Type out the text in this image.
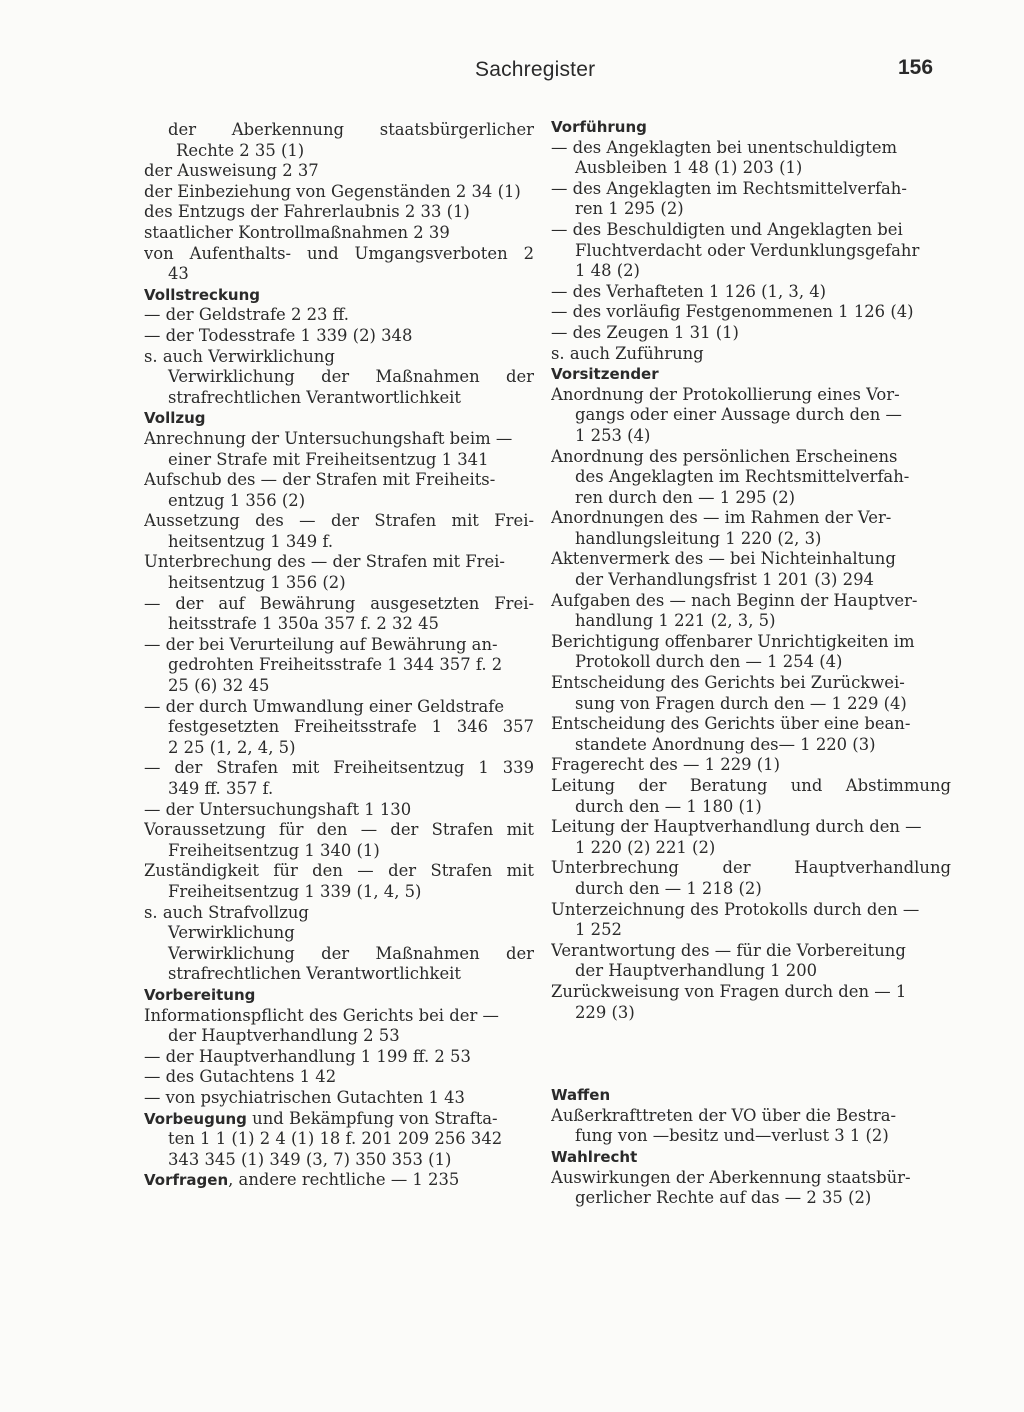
Sachregister	156
der Aberkennung staatsbürgerlicher
Rechte 2 35 (1)
der Ausweisung 2 37
der Einbeziehung von Gegenständen 2 34 (1)
des Entzugs der Fahrerlaubnis 2 33 (1)
staatlicher Kontrollmaßnahmen 2 39
von Aufenthalts- und Umgangsverboten 2
43
Vollstreckung
— der Geldstrafe 2 23 ff.
— der Todesstrafe 1 339 (2) 348
s. auch Verwirklichung
Verwirklichung der Maßnahmen der
strafrechtlichen Verantwortlichkeit
Vollzug
Anrechnung der Untersuchungshaft beim —
einer Strafe mit Freiheitsentzug 1 341
Aufschub des — der Strafen mit Freiheits-
entzug 1 356 (2)
Aussetzung des — der Strafen mit Frei-
heitsentzug 1 349 f.
Unterbrechung des — der Strafen mit Frei-
heitsentzug 1 356 (2)
— der auf Bewährung ausgesetzten Frei-
heitsstrafe 1 350a 357 f. 2 32 45
— der bei Verurteilung auf Bewährung an-
gedrohten Freiheitsstrafe 1 344 357 f. 2
25 (6) 32 45
— der durch Umwandlung einer Geldstrafe
festgesetzten Freiheitsstrafe 1 346 357
2 25 (1, 2, 4, 5)
— der Strafen mit Freiheitsentzug 1 339
349 ff. 357 f.
— der Untersuchungshaft 1 130
Voraussetzung für den — der Strafen mit
Freiheitsentzug 1 340 (1)
Zuständigkeit für den — der Strafen mit
Freiheitsentzug 1 339 (1, 4, 5)
s. auch Strafvollzug
Verwirklichung
Verwirklichung der Maßnahmen der
strafrechtlichen Verantwortlichkeit
Vorbereitung
Informationspflicht des Gerichts bei der —
der Hauptverhandlung 2 53
— der Hauptverhandlung 1 199 ff. 2 53
— des Gutachtens 1 42
— von psychiatrischen Gutachten 1 43
Vorbeugung und Bekämpfung von Strafta-
ten 1 1 (1) 2 4 (1) 18 f. 201 209 256 342
343 345 (1) 349 (3, 7) 350 353 (1)
Vorfragen, andere rechtliche — 1 235
Vorführung
— des Angeklagten bei unentschuldigtem
Ausbleiben 1 48 (1) 203 (1)
— des Angeklagten im Rechtsmittelverfah-
ren 1 295 (2)
— des Beschuldigten und Angeklagten bei
Fluchtverdacht oder Verdunklungsgefahr
1 48 (2)
— des Verhafteten 1 126 (1, 3, 4)
— des vorläufig Festgenommenen 1 126 (4)
— des Zeugen 1 31 (1)
s. auch Zuführung
Vorsitzender
Anordnung der Protokollierung eines Vor-
gangs oder einer Aussage durch den —
1 253 (4)
Anordnung des persönlichen Erscheinens
des Angeklagten im Rechtsmittelverfah-
ren durch den — 1 295 (2)
Anordnungen des — im Rahmen der Ver-
handlungsleitung 1 220 (2, 3)
Aktenvermerk des — bei Nichteinhaltung
der Verhandlungsfrist 1 201 (3) 294
Aufgaben des — nach Beginn der Hauptver-
handlung 1 221 (2, 3, 5)
Berichtigung offenbarer Unrichtigkeiten im
Protokoll durch den — 1 254 (4)
Entscheidung des Gerichts bei Zurückwei-
sung von Fragen durch den — 1 229 (4)
Entscheidung des Gerichts über eine bean-
standete Anordnung des— 1 220 (3)
Fragerecht des — 1 229 (1)
Leitung der Beratung und Abstimmung
durch den — 1 180 (1)
Leitung der Hauptverhandlung durch den —
1 220 (2) 221 (2)
Unterbrechung der Hauptverhandlung
durch den — 1 218 (2)
Unterzeichnung des Protokolls durch den —
1 252
Verantwortung des — für die Vorbereitung
der Hauptverhandlung 1 200
Zurückweisung von Fragen durch den — 1
229 (3)
Waffen
Außerkrafttreten der VO über die Bestra-
fung von —besitz und—verlust 3 1 (2)
Wahlrecht
Auswirkungen der Aberkennung staatsbür-
gerlicher Rechte auf das — 2 35 (2)
